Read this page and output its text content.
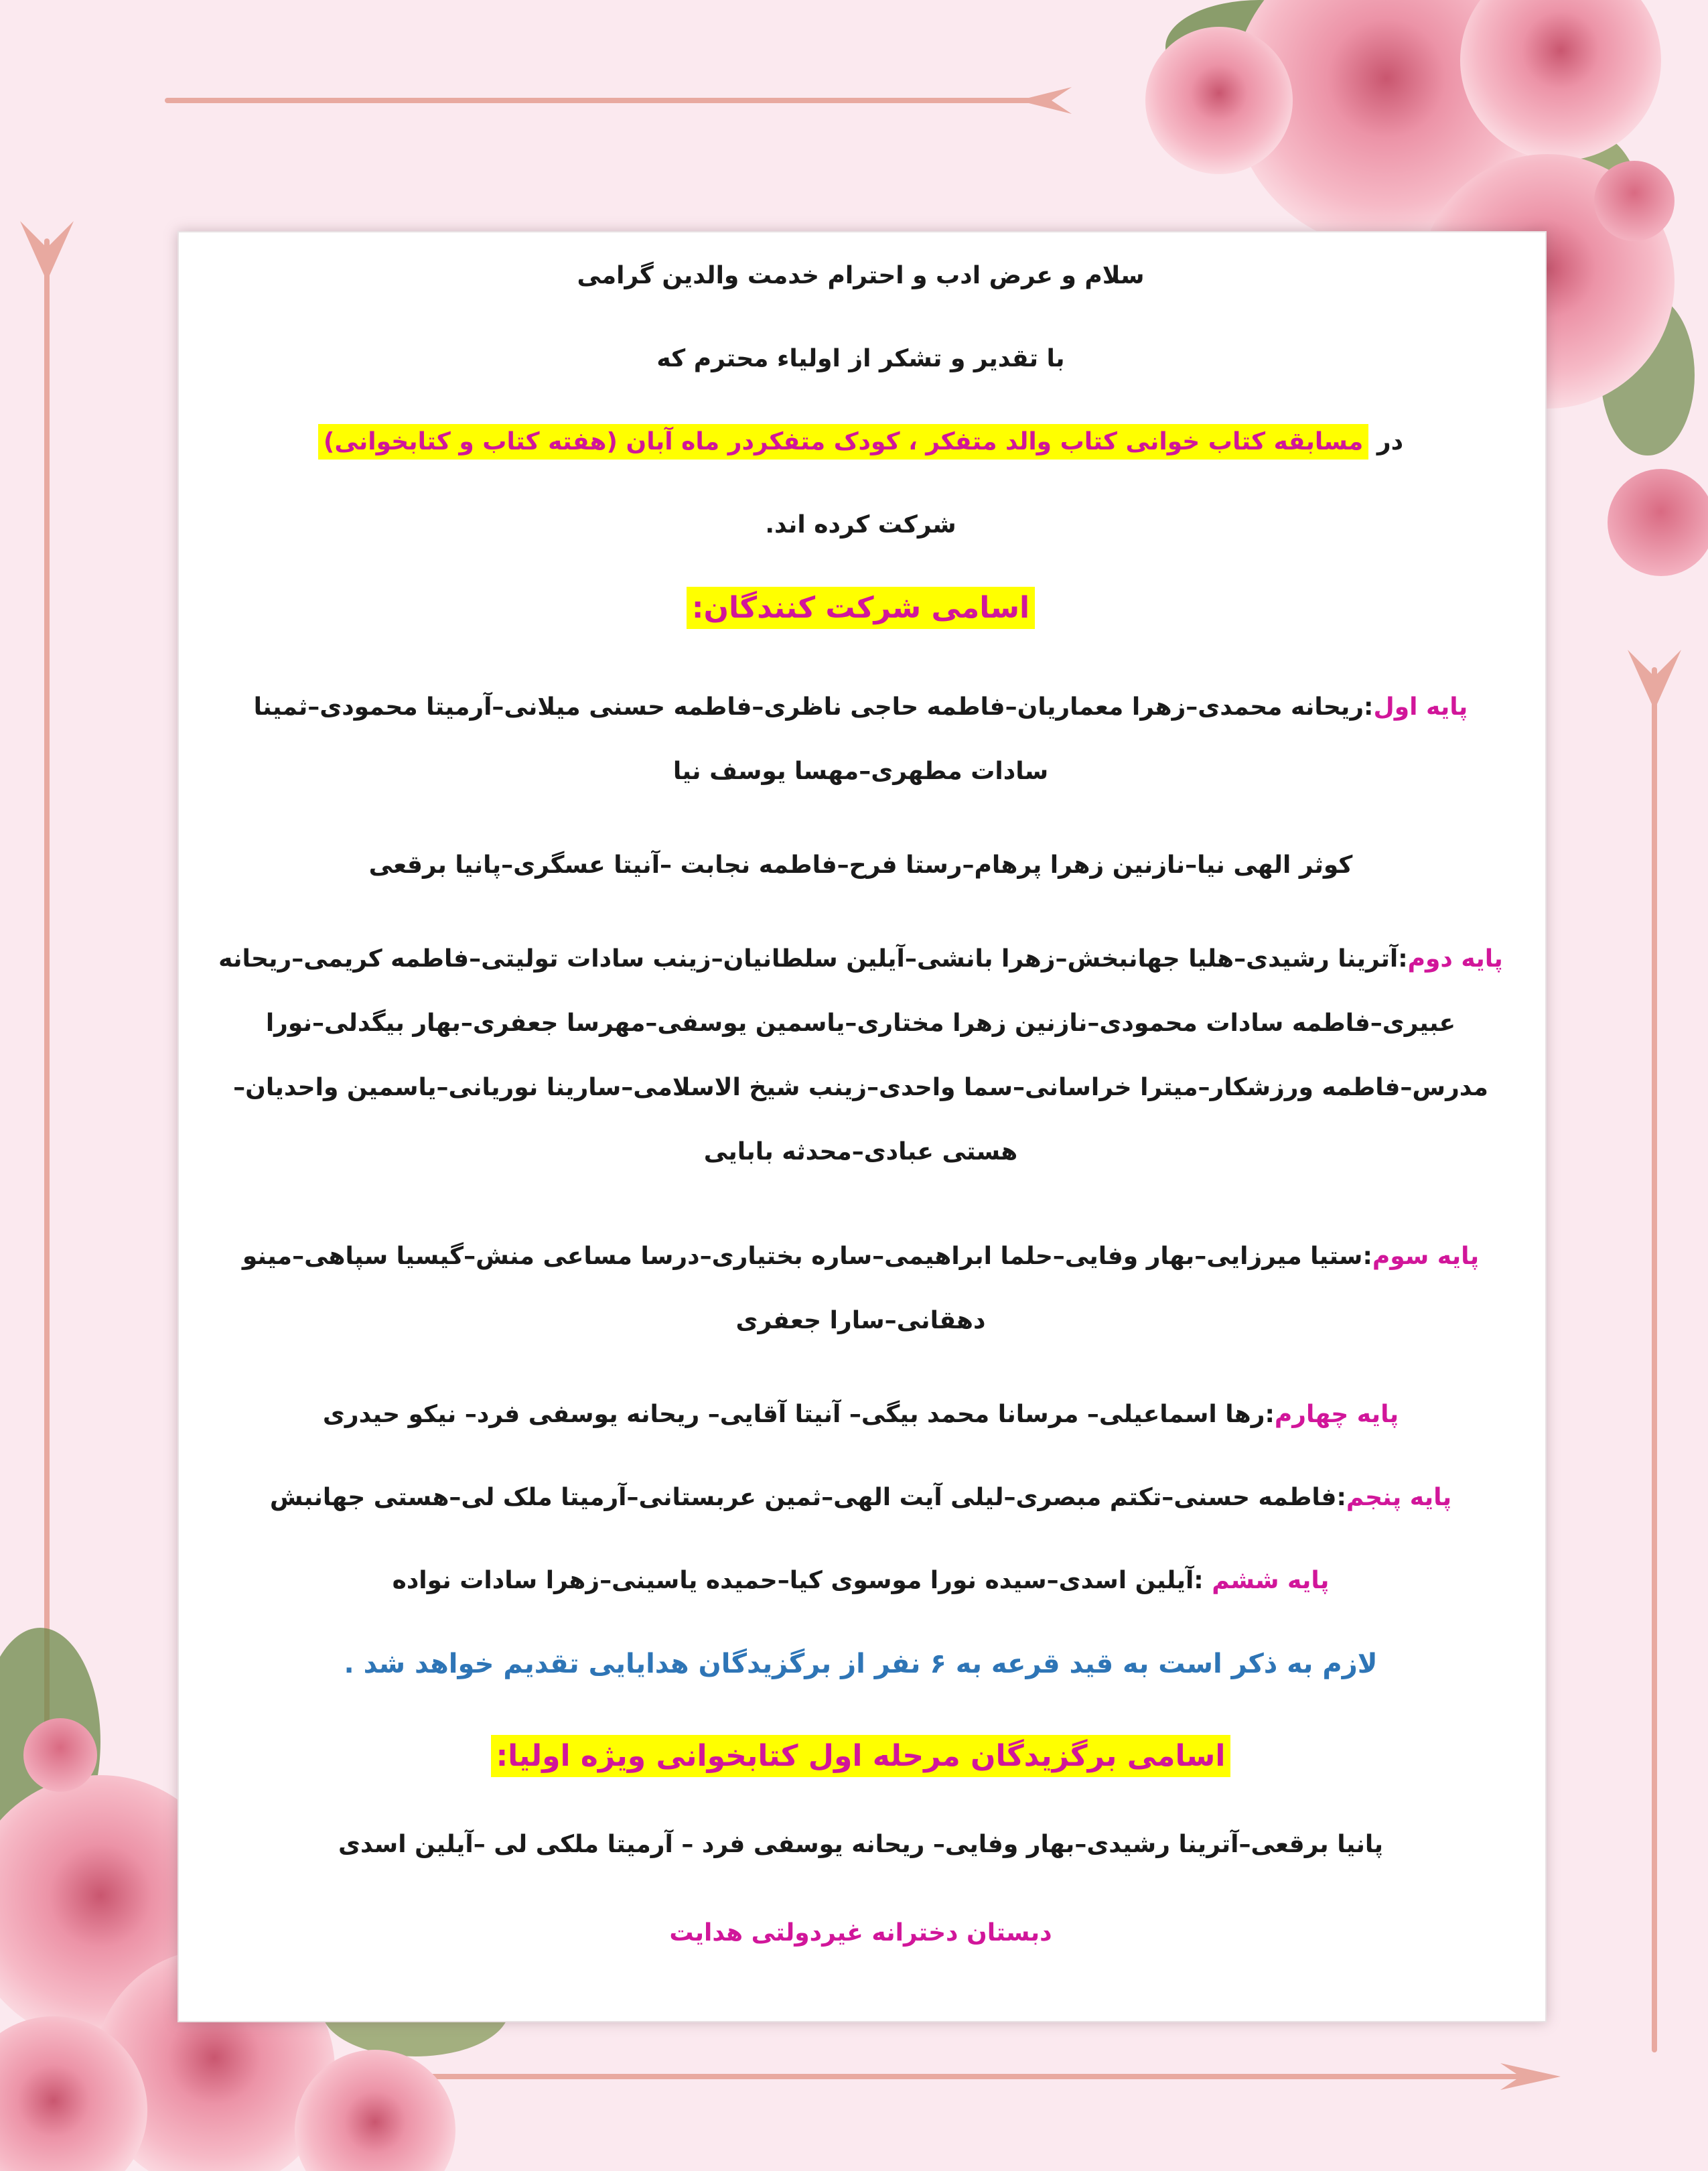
سلام و عرض ادب و احترام خدمت والدین گرامی

با تقدیر و تشکر از اولیاء محترم که

در مسابقه کتاب خوانی کتاب والد متفکر ، کودک متفکردر ماه آبان (هفته کتاب و کتابخوانی)

شرکت کرده اند.

اسامی شرکت کنندگان:

پایه اول:ریحانه محمدی–زهرا معماریان–فاطمه حاجی ناظری–فاطمه حسنی میلانی–آرمیتا محمودی–ثمینا سادات مطهری–مهسا یوسف نیا

کوثر الهی نیا–نازنین زهرا پرهام–رستا فرح–فاطمه نجابت –آنیتا عسگری–پانیا برقعی

پایه دوم:آترینا رشیدی–هلیا جهانبخش–زهرا بانشی–آیلین سلطانیان–زینب سادات تولیتی–فاطمه کریمی–ریحانه عبیری–فاطمه سادات محمودی–نازنین زهرا مختاری–یاسمین یوسفی–مهرسا جعفری–بهار بیگدلی–نورا مدرس–فاطمه ورزشکار–میترا خراسانی–سما واحدی–زینب شیخ الاسلامی–سارینا نوریانی–یاسمین واحدیان–هستی عبادی–محدثه بابایی

پایه سوم:ستیا میرزایی–بهار وفایی–حلما ابراهیمی–ساره بختیاری–درسا مساعی منش–گیسیا سپاهی–مینو دهقانی–سارا جعفری

پایه چهارم:رها اسماعیلی– مرسانا محمد بیگی– آنیتا آقایی– ریحانه یوسفی فرد– نیکو حیدری

پایه پنجم:فاطمه حسنی–تکتم مبصری–لیلی آیت الهی–ثمین عربستانی–آرمیتا ملک لی–هستی جهانبش

پایه ششم :آیلین اسدی–سیده نورا موسوی کیا–حمیده یاسینی–زهرا سادات نواده

لازم به ذکر است به قید قرعه به ۶ نفر از برگزیدگان هدایایی تقدیم خواهد شد .

اسامی برگزیدگان مرحله اول کتابخوانی ویژه اولیا:

پانیا برقعی–آترینا رشیدی–بهار وفایی– ریحانه یوسفی فرد – آرمیتا ملکی لی –آیلین اسدی

دبستان دخترانه غیردولتی هدایت
